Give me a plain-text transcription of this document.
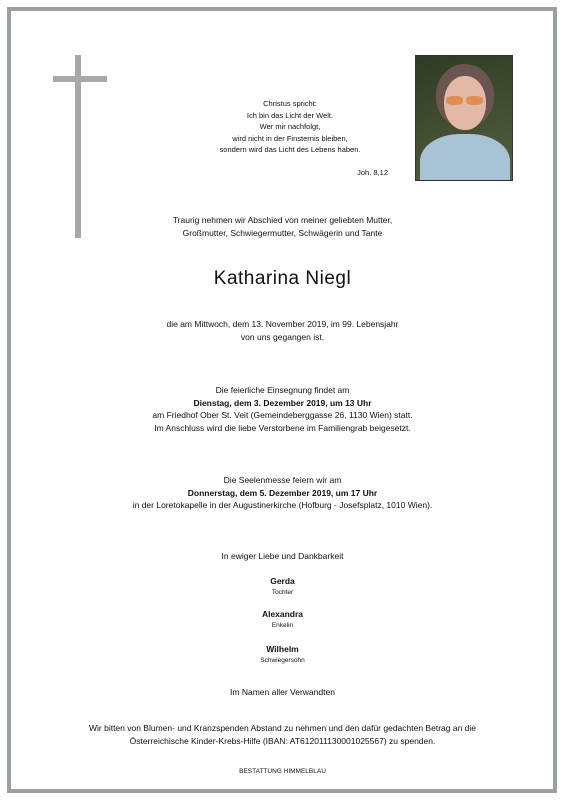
Christus spricht:
Ich bin das Licht der Welt.
Wer mir nachfolgt,
wird nicht in der Finsternis bleiben,
sondern wird das Licht des Lebens haben.
Joh. 8,12
Traurig nehmen wir Abschied von meiner geliebten Mutter,
Großmutter, Schwiegermutter, Schwägerin und Tante
Katharina Niegl
die am Mittwoch, dem 13. November 2019, im 99. Lebensjahr
von uns gegangen ist.
Die feierliche Einsegnung findet am
Dienstag, dem 3. Dezember 2019, um 13 Uhr
am Friedhof Ober St. Veit (Gemeindeberggasse 26, 1130 Wien) statt.
Im Anschluss wird die liebe Verstorbene im Familiengrab beigesetzt.
Die Seelenmesse feiern wir am
Donnerstag, dem 5. Dezember 2019, um 17 Uhr
in der Loretokapelle in der Augustinerkirche (Hofburg - Josefsplatz, 1010 Wien).
In ewiger Liebe und Dankbarkeit
Gerda
Tochter
Alexandra
Enkelin
Wilhelm
Schwiegersohn
Im Namen aller Verwandten
Wir bitten von Blumen- und Kranzspenden Abstand zu nehmen und den dafür gedachten Betrag an die
Österreichische Kinder-Krebs-Hilfe (IBAN: AT612011130001025567) zu spenden.
BESTATTUNG HIMMELBLAU
